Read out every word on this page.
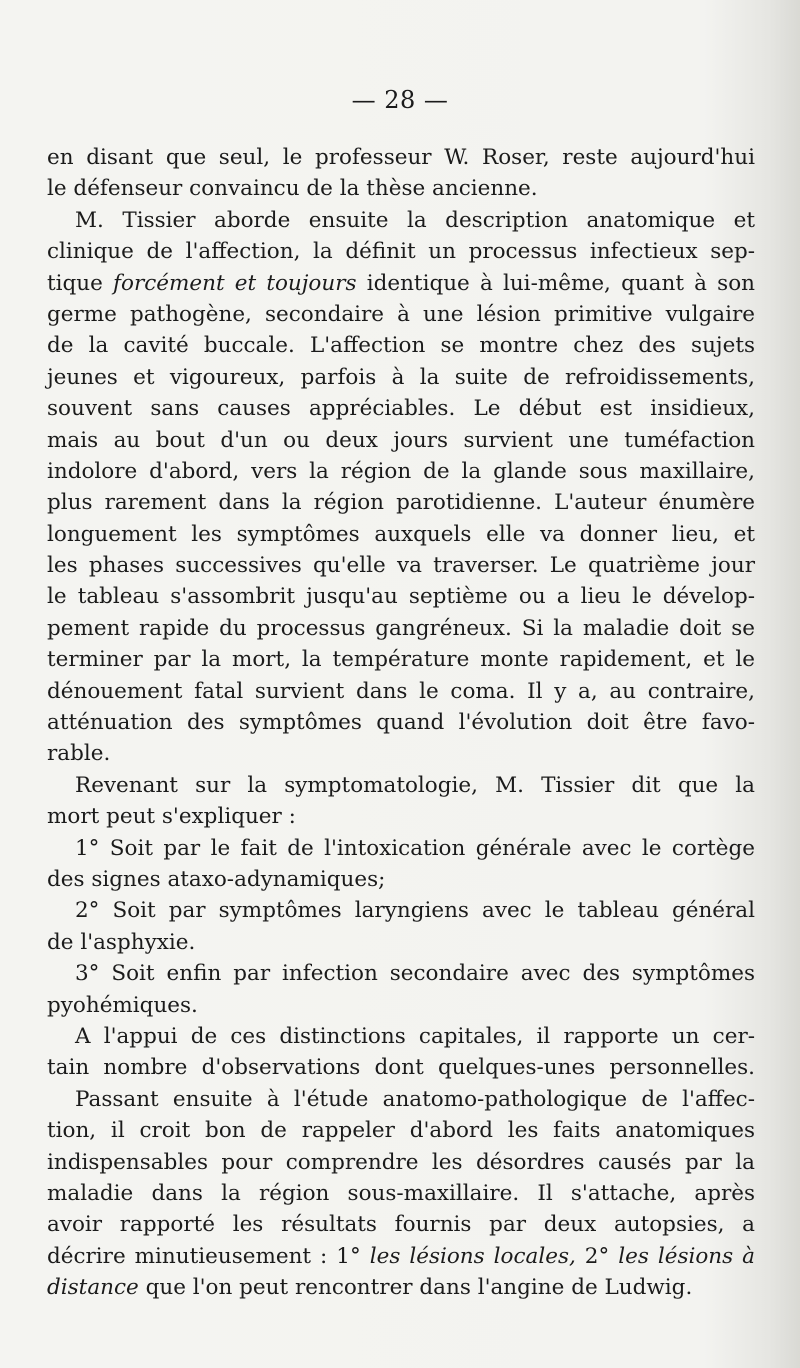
— 28 —
en disant que seul, le professeur W. Roser, reste aujourd'hui
le défenseur convaincu de la thèse ancienne.
M. Tissier aborde ensuite la description anatomique et
clinique de l'affection, la définit un processus infectieux sep-
tique forcément et toujours identique à lui-même, quant à son
germe pathogène, secondaire à une lésion primitive vulgaire
de la cavité buccale. L'affection se montre chez des sujets
jeunes et vigoureux, parfois à la suite de refroidissements,
souvent sans causes appréciables. Le début est insidieux,
mais au bout d'un ou deux jours survient une tuméfaction
indolore d'abord, vers la région de la glande sous maxillaire,
plus rarement dans la région parotidienne. L'auteur énumère
longuement les symptômes auxquels elle va donner lieu, et
les phases successives qu'elle va traverser. Le quatrième jour
le tableau s'assombrit jusqu'au septième ou a lieu le dévelop-
pement rapide du processus gangréneux. Si la maladie doit se
terminer par la mort, la température monte rapidement, et le
dénouement fatal survient dans le coma. Il y a, au contraire,
atténuation des symptômes quand l'évolution doit être favo-
rable.
Revenant sur la symptomatologie, M. Tissier dit que la
mort peut s'expliquer :
1° Soit par le fait de l'intoxication générale avec le cortège
des signes ataxo-adynamiques;
2° Soit par symptômes laryngiens avec le tableau général
de l'asphyxie.
3° Soit enfin par infection secondaire avec des symptômes
pyohémiques.
A l'appui de ces distinctions capitales, il rapporte un cer-
tain nombre d'observations dont quelques-unes personnelles.
Passant ensuite à l'étude anatomo-pathologique de l'affec-
tion, il croit bon de rappeler d'abord les faits anatomiques
indispensables pour comprendre les désordres causés par la
maladie dans la région sous-maxillaire. Il s'attache, après
avoir rapporté les résultats fournis par deux autopsies, a
décrire minutieusement : 1° les lésions locales, 2° les lésions à
distance que l'on peut rencontrer dans l'angine de Ludwig.
